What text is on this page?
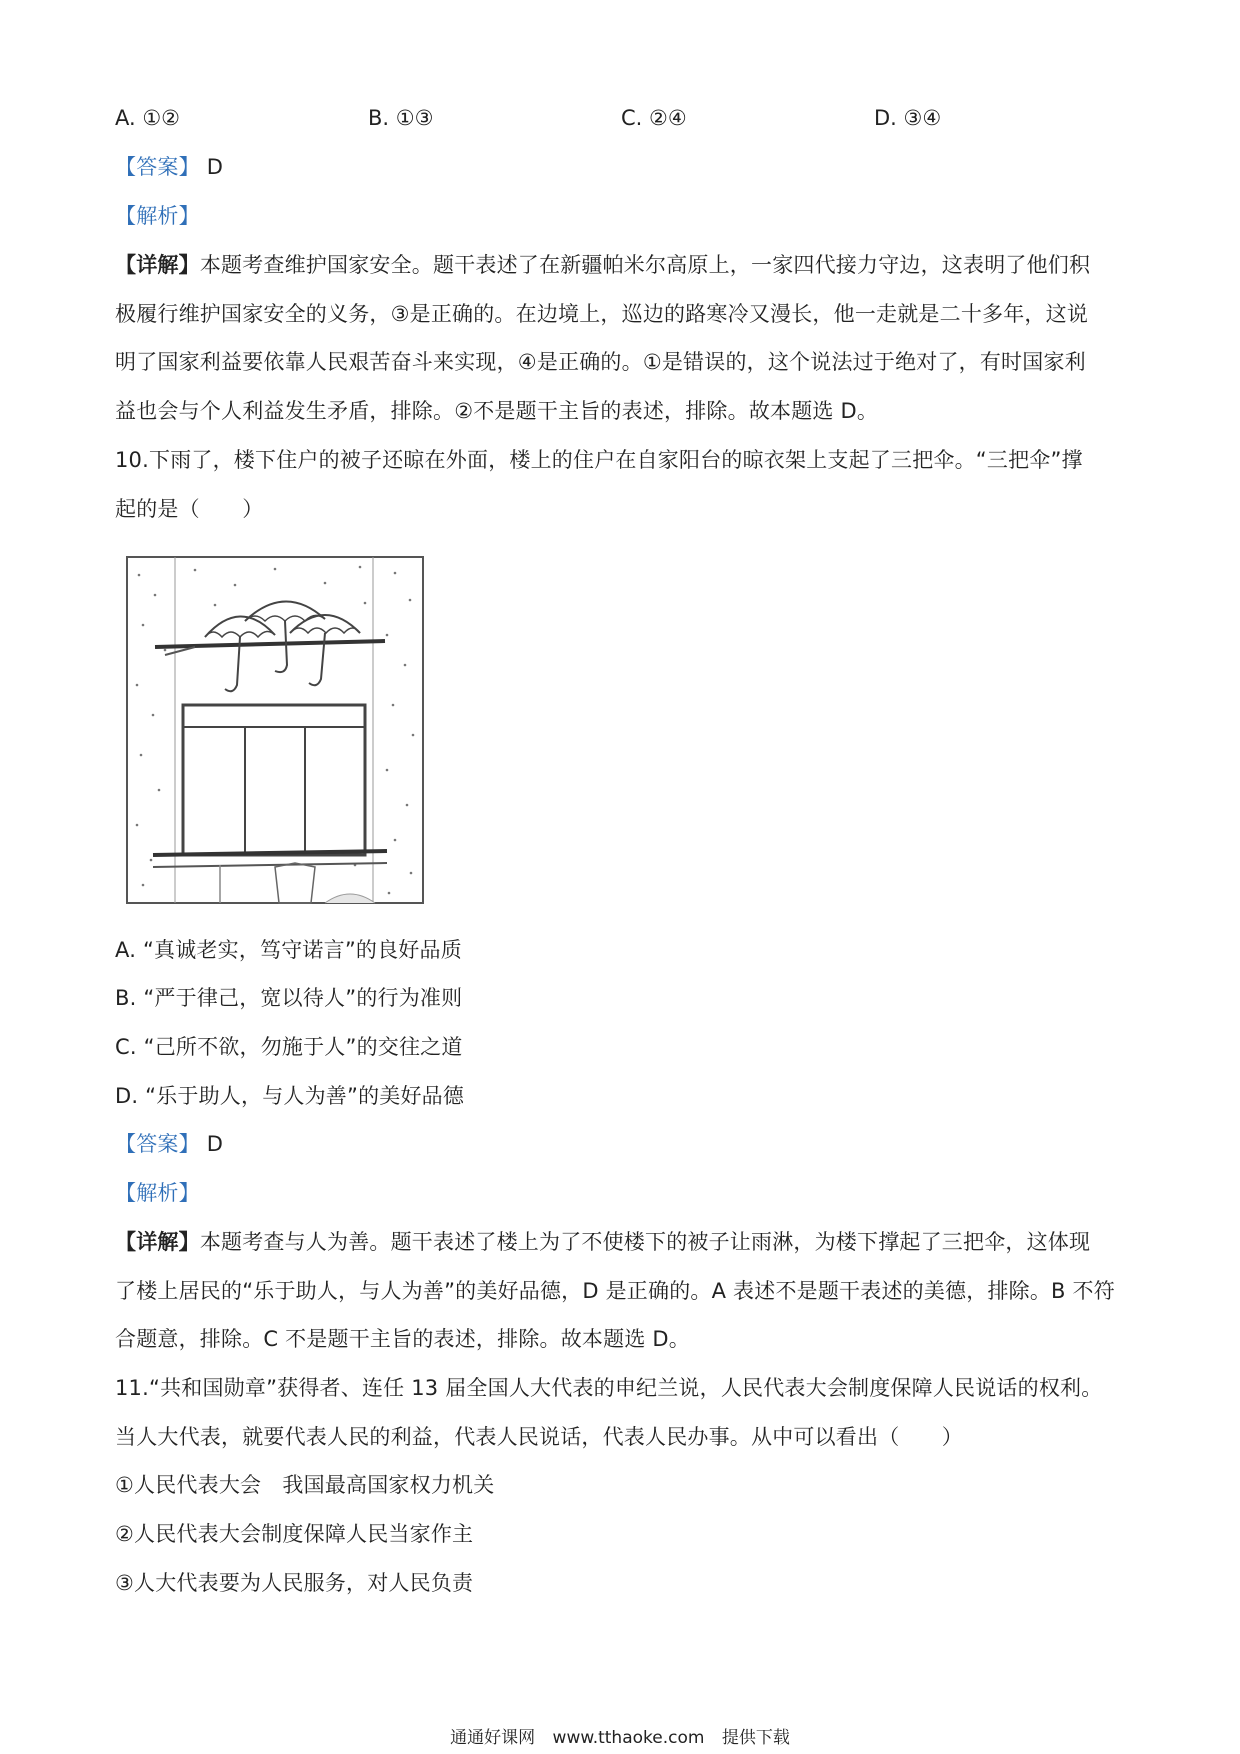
A. ①②	B. ①③	C. ②④	D. ③④
【答案】 D
【解析】
【详解】本题考查维护国家安全。题干表述了在新疆帕米尔高原上，一家四代接力守边，这表明了他们积
极履行维护国家安全的义务，③是正确的。在边境上，巡边的路寒冷又漫长，他一走就是二十多年，这说
明了国家利益要依靠人民艰苦奋斗来实现，④是正确的。①是错误的，这个说法过于绝对了，有时国家利
益也会与个人利益发生矛盾，排除。②不是题干主旨的表述，排除。故本题选 D。
10.下雨了，楼下住户的被子还晾在外面，楼上的住户在自家阳台的晾衣架上支起了三把伞。“三把伞”撑
起的是（　　）
A. “真诚老实，笃守诺言”的良好品质
B. “严于律己，宽以待人”的行为准则
C. “己所不欲，勿施于人”的交往之道
D. “乐于助人，与人为善”的美好品德
【答案】 D
【解析】
【详解】本题考查与人为善。题干表述了楼上为了不使楼下的被子让雨淋，为楼下撑起了三把伞，这体现
了楼上居民的“乐于助人，与人为善”的美好品德，D 是正确的。A 表述不是题干表述的美德，排除。B 不符
合题意，排除。C 不是题干主旨的表述，排除。故本题选 D。
11.“共和国勋章”获得者、连任 13 届全国人大代表的申纪兰说，人民代表大会制度保障人民说话的权利。
当人大代表，就要代表人民的利益，代表人民说话，代表人民办事。从中可以看出（　　）
①人民代表大会　我国最高国家权力机关
②人民代表大会制度保障人民当家作主
③人大代表要为人民服务，对人民负责
通通好课网 www.tthaoke.com 提供下载
